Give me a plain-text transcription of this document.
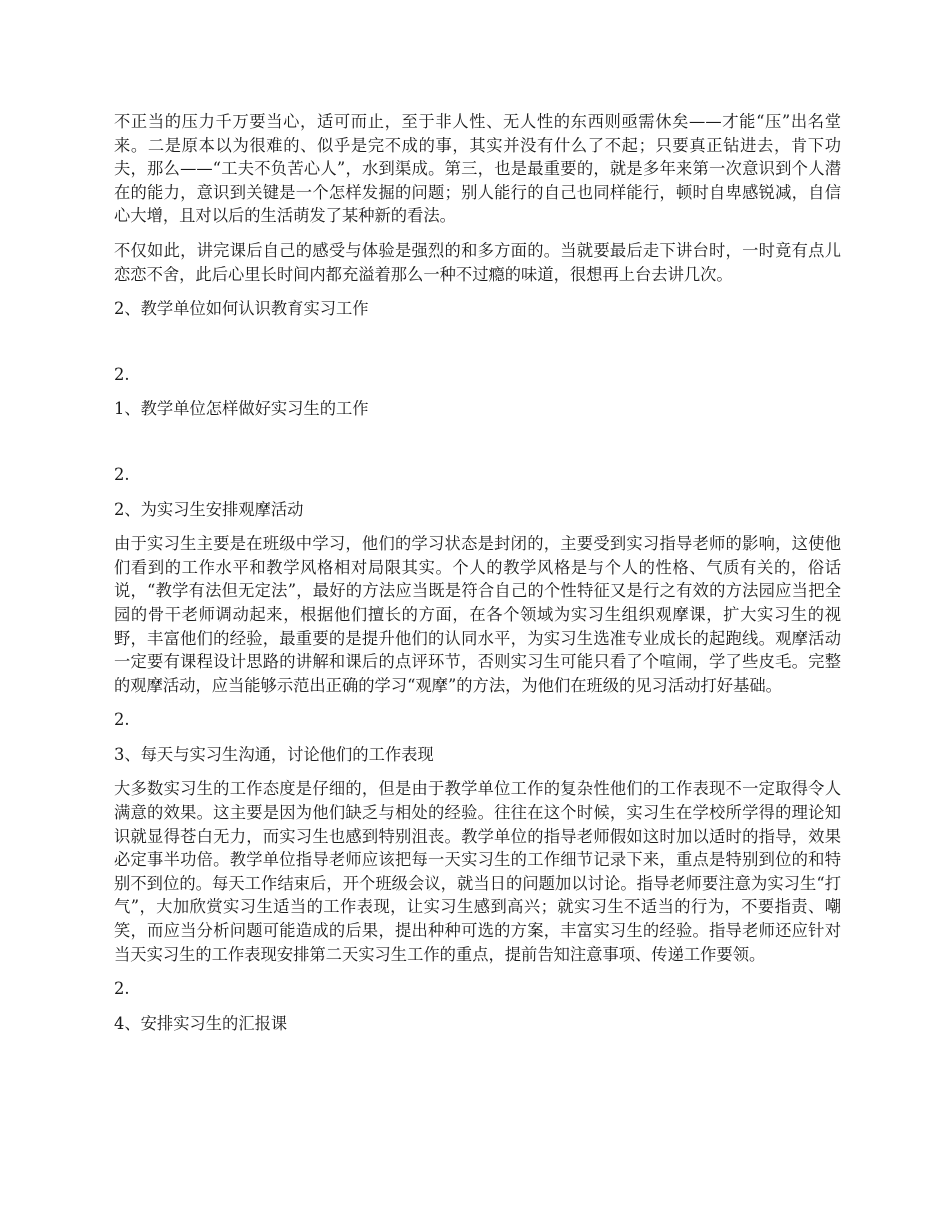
不正当的压力千万要当心，适可而止，至于非人性、无人性的东西则亟需休矣——才能“压”出名堂来。二是原本以为很难的、似乎是完不成的事，其实并没有什么了不起；只要真正钻进去，肯下功夫，那么——“工夫不负苦心人”，水到渠成。第三，也是最重要的，就是多年来第一次意识到个人潜在的能力，意识到关键是一个怎样发掘的问题；别人能行的自己也同样能行，顿时自卑感锐减，自信心大增，且对以后的生活萌发了某种新的看法。

不仅如此，讲完课后自己的感受与体验是强烈的和多方面的。当就要最后走下讲台时，一时竟有点儿恋恋不舍，此后心里长时间内都充溢着那么一种不过瘾的味道，很想再上台去讲几次。

2、教学单位如何认识教育实习工作

2.

1、教学单位怎样做好实习生的工作

2.

2、为实习生安排观摩活动

由于实习生主要是在班级中学习，他们的学习状态是封闭的，主要受到实习指导老师的影响，这使他们看到的工作水平和教学风格相对局限其实。个人的教学风格是与个人的性格、气质有关的，俗话说，“教学有法但无定法”，最好的方法应当既是符合自己的个性特征又是行之有效的方法园应当把全园的骨干老师调动起来，根据他们擅长的方面，在各个领域为实习生组织观摩课，扩大实习生的视野，丰富他们的经验，最重要的是提升他们的认同水平，为实习生选准专业成长的起跑线。观摩活动一定要有课程设计思路的讲解和课后的点评环节，否则实习生可能只看了个喧闹，学了些皮毛。完整的观摩活动，应当能够示范出正确的学习“观摩”的方法，为他们在班级的见习活动打好基础。

2.

3、每天与实习生沟通，讨论他们的工作表现

大多数实习生的工作态度是仔细的，但是由于教学单位工作的复杂性他们的工作表现不一定取得令人满意的效果。这主要是因为他们缺乏与相处的经验。往往在这个时候，实习生在学校所学得的理论知识就显得苍白无力，而实习生也感到特别沮丧。教学单位的指导老师假如这时加以适时的指导，效果必定事半功倍。教学单位指导老师应该把每一天实习生的工作细节记录下来，重点是特别到位的和特别不到位的。每天工作结束后，开个班级会议，就当日的问题加以讨论。指导老师要注意为实习生“打气”，大加欣赏实习生适当的工作表现，让实习生感到高兴；就实习生不适当的行为，不要指责、嘲笑，而应当分析问题可能造成的后果，提出种种可选的方案，丰富实习生的经验。指导老师还应针对当天实习生的工作表现安排第二天实习生工作的重点，提前告知注意事项、传递工作要领。

2.

4、安排实习生的汇报课
